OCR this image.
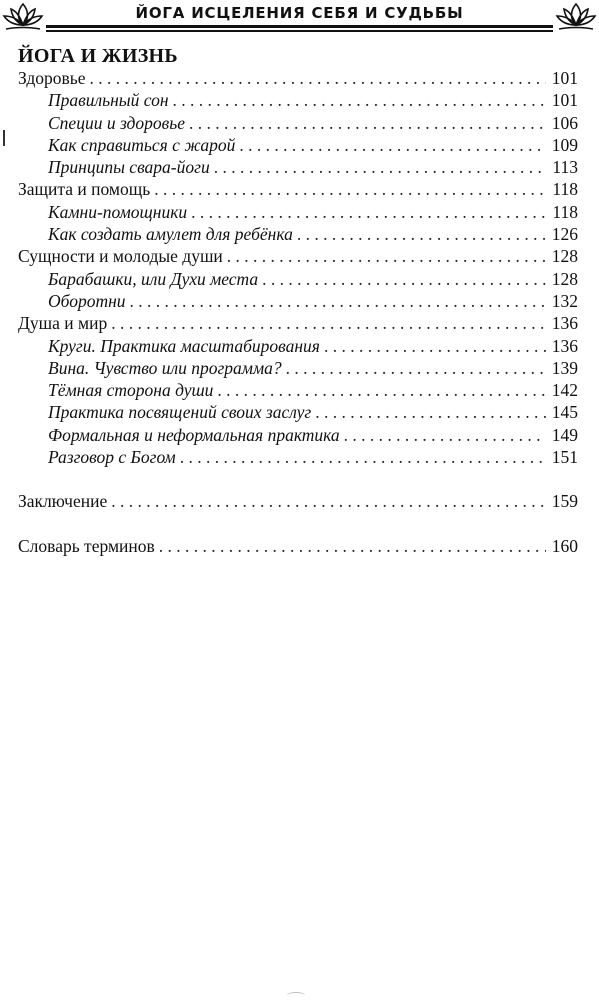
ЙОГА ИСЦЕЛЕНИЯ СЕБЯ И СУДЬБЫ
ЙОГА И ЖИЗНЬ
Здоровье . . .	101
Правильный сон . . .	101
Специи и здоровье . . .	106
Как справиться с жарой . . .	109
Принципы свара-йоги . . .	113
Защита и помощь . . .	118
Камни-помощники . . .	118
Как создать амулет для ребёнка . . .	126
Сущности и молодые души . . .	128
Барабашки, или Духи места . . .	128
Оборотни . . .	132
Душа и мир . . .	136
Круги. Практика масштабирования . . .	136
Вина. Чувство или программа? . . .	139
Тёмная сторона души . . .	142
Практика посвящений своих заслуг . . .	145
Формальная и неформальная практика . . .	149
Разговор с Богом . . .	151
Заключение . . .	159
Словарь терминов . . .	160
